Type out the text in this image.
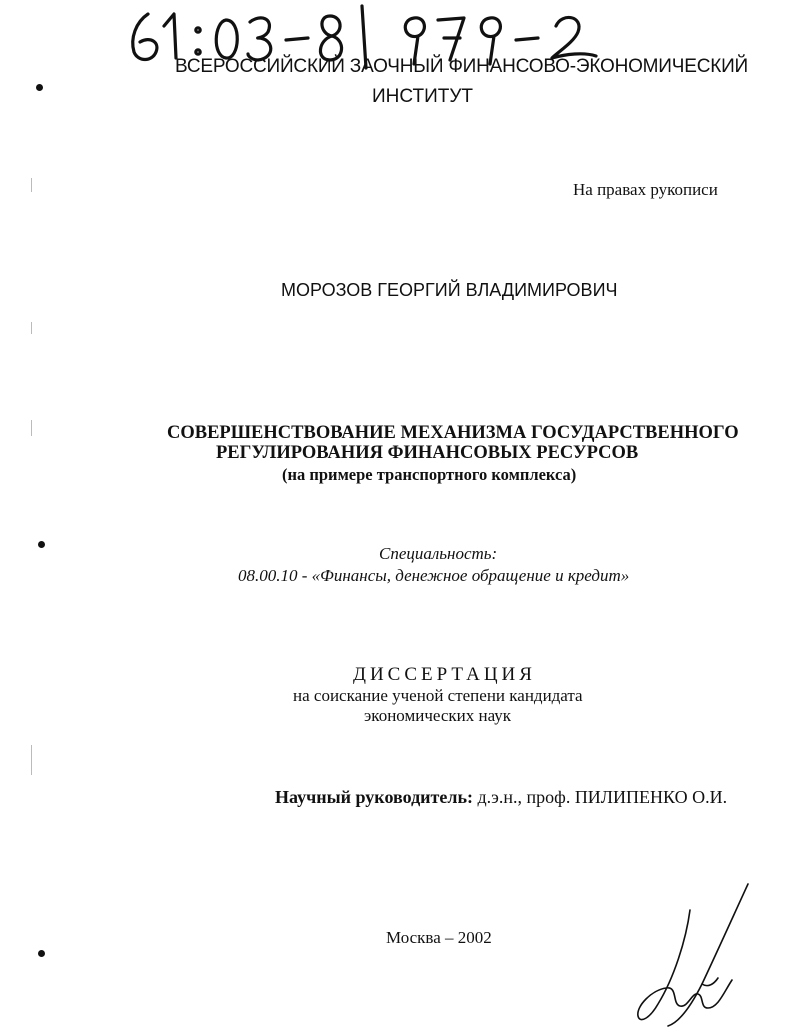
ВСЕРОССИЙСКИЙ ЗАОЧНЫЙ ФИНАНСОВО-ЭКОНОМИЧЕСКИЙ
ИНСТИТУТ
На правах рукописи
МОРОЗОВ ГЕОРГИЙ ВЛАДИМИРОВИЧ
СОВЕРШЕНСТВОВАНИЕ МЕХАНИЗМА ГОСУДАРСТВЕННОГО
РЕГУЛИРОВАНИЯ ФИНАНСОВЫХ РЕСУРСОВ
(на примере транспортного комплекса)
Специальность:
08.00.10 - «Финансы, денежное обращение и кредит»
ДИССЕРТАЦИЯ
на соискание ученой степени кандидата
экономических наук
Научный руководитель: д.э.н., проф. ПИЛИПЕНКО О.И.
Москва – 2002
